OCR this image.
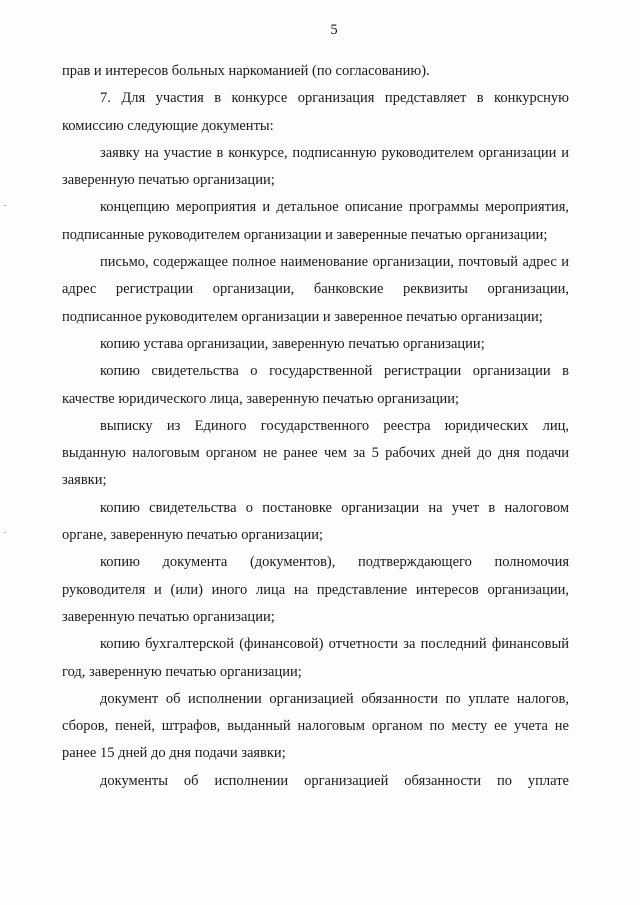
5

прав и интересов больных наркоманией (по согласованию).

7. Для участия в конкурсе организация представляет в конкурсную комиссию следующие документы:

заявку на участие в конкурсе, подписанную руководителем организации и заверенную печатью организации;

концепцию мероприятия и детальное описание программы мероприятия, подписанные руководителем организации и заверенные печатью организации;

письмо, содержащее полное наименование организации, почтовый адрес и адрес регистрации организации, банковские реквизиты организации, подписанное руководителем организации и заверенное печатью организации;

копию устава организации, заверенную печатью организации;

копию свидетельства о государственной регистрации организации в качестве юридического лица, заверенную печатью организации;

выписку из Единого государственного реестра юридических лиц, выданную налоговым органом не ранее чем за 5 рабочих дней до дня подачи заявки;

копию свидетельства о постановке организации на учет в налоговом органе, заверенную печатью организации;

копию документа (документов), подтверждающего полномочия руководителя и (или) иного лица на представление интересов организации, заверенную печатью организации;

копию бухгалтерской (финансовой) отчетности за последний финансовый год, заверенную печатью организации;

документ об исполнении организацией обязанности по уплате налогов, сборов, пеней, штрафов, выданный налоговым органом по месту ее учета не ранее 15 дней до дня подачи заявки;

документы об исполнении организацией обязанности по уплате
